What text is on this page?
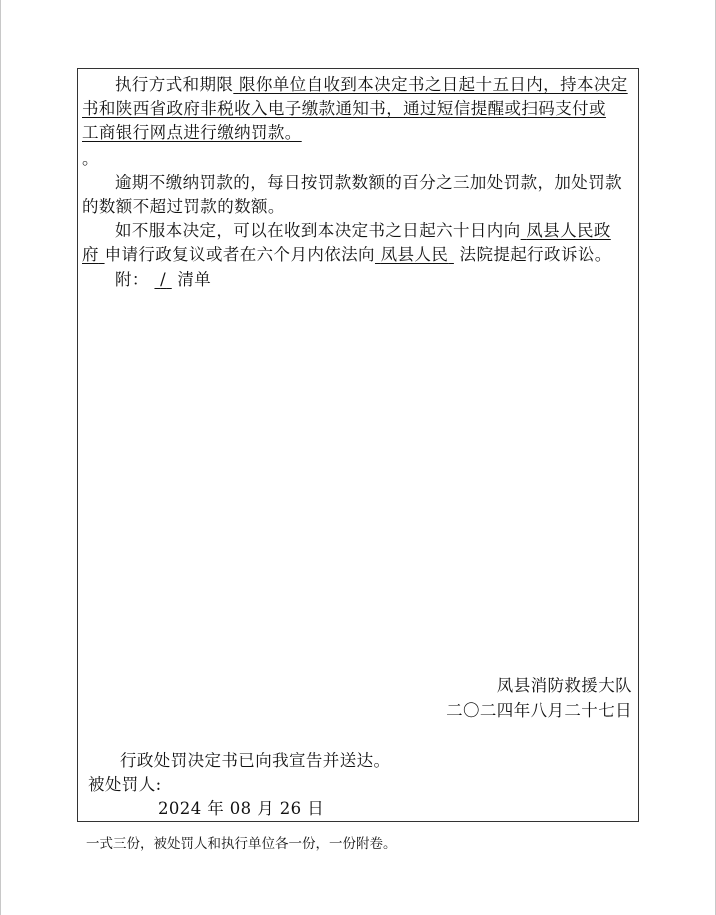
执行方式和期限 限你单位自收到本决定书之日起十五日内，持本决定
书和陕西省政府非税收入电子缴款通知书，通过短信提醒或扫码支付或
工商银行网点进行缴纳罚款。
。
逾期不缴纳罚款的，每日按罚款数额的百分之三加处罚款，加处罚款
的数额不超过罚款的数额。
如不服本决定，可以在收到本决定书之日起六十日内向 凤县人民政
府 申请行政复议或者在六个月内依法向 凤县人民 法院提起行政诉讼。
附： / 清单
凤县消防救援大队
二〇二四年八月二十七日
行政处罚决定书已向我宣告并送达。
被处罚人:
2024 年 08 月 26 日
一式三份，被处罚人和执行单位各一份，一份附卷。
